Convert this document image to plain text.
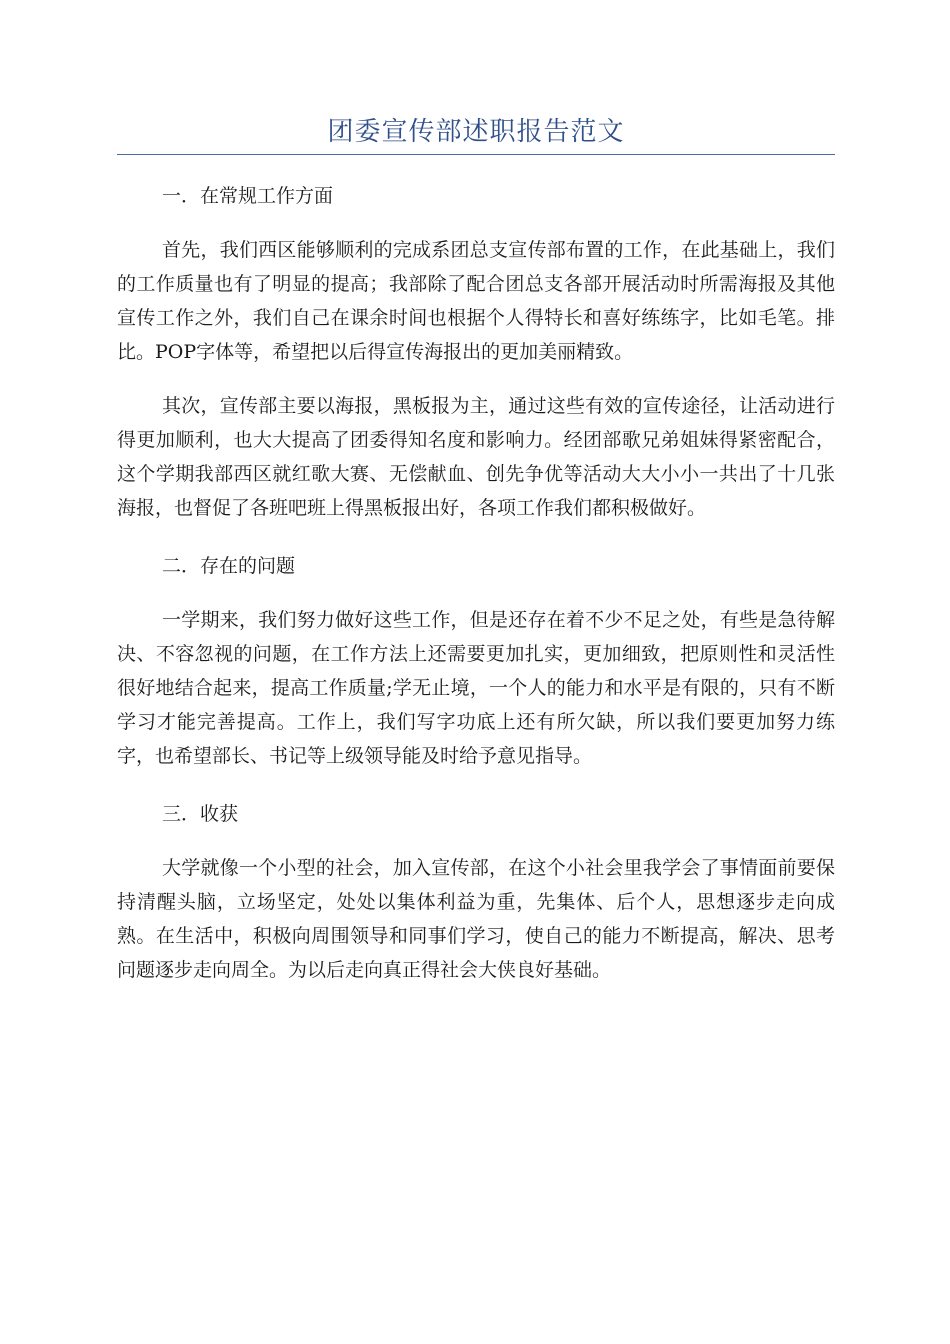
团委宣传部述职报告范文

一．在常规工作方面

首先，我们西区能够顺利的完成系团总支宣传部布置的工作，在此基础上，我们的工作质量也有了明显的提高；我部除了配合团总支各部开展活动时所需海报及其他宣传工作之外，我们自己在课余时间也根据个人得特长和喜好练练字，比如毛笔。排比。POP字体等，希望把以后得宣传海报出的更加美丽精致。

其次，宣传部主要以海报，黑板报为主，通过这些有效的宣传途径，让活动进行得更加顺利，也大大提高了团委得知名度和影响力。经团部歌兄弟姐妹得紧密配合，这个学期我部西区就红歌大赛、无偿献血、创先争优等活动大大小小一共出了十几张海报，也督促了各班吧班上得黑板报出好，各项工作我们都积极做好。

二．存在的问题

一学期来，我们努力做好这些工作，但是还存在着不少不足之处，有些是急待解决、不容忽视的问题，在工作方法上还需要更加扎实，更加细致，把原则性和灵活性很好地结合起来，提高工作质量;学无止境，一个人的能力和水平是有限的，只有不断学习才能完善提高。工作上，我们写字功底上还有所欠缺，所以我们要更加努力练字，也希望部长、书记等上级领导能及时给予意见指导。

三．收获

大学就像一个小型的社会，加入宣传部，在这个小社会里我学会了事情面前要保持清醒头脑，立场坚定，处处以集体利益为重，先集体、后个人，思想逐步走向成熟。在生活中，积极向周围领导和同事们学习，使自己的能力不断提高，解决、思考问题逐步走向周全。为以后走向真正得社会大侠良好基础。
